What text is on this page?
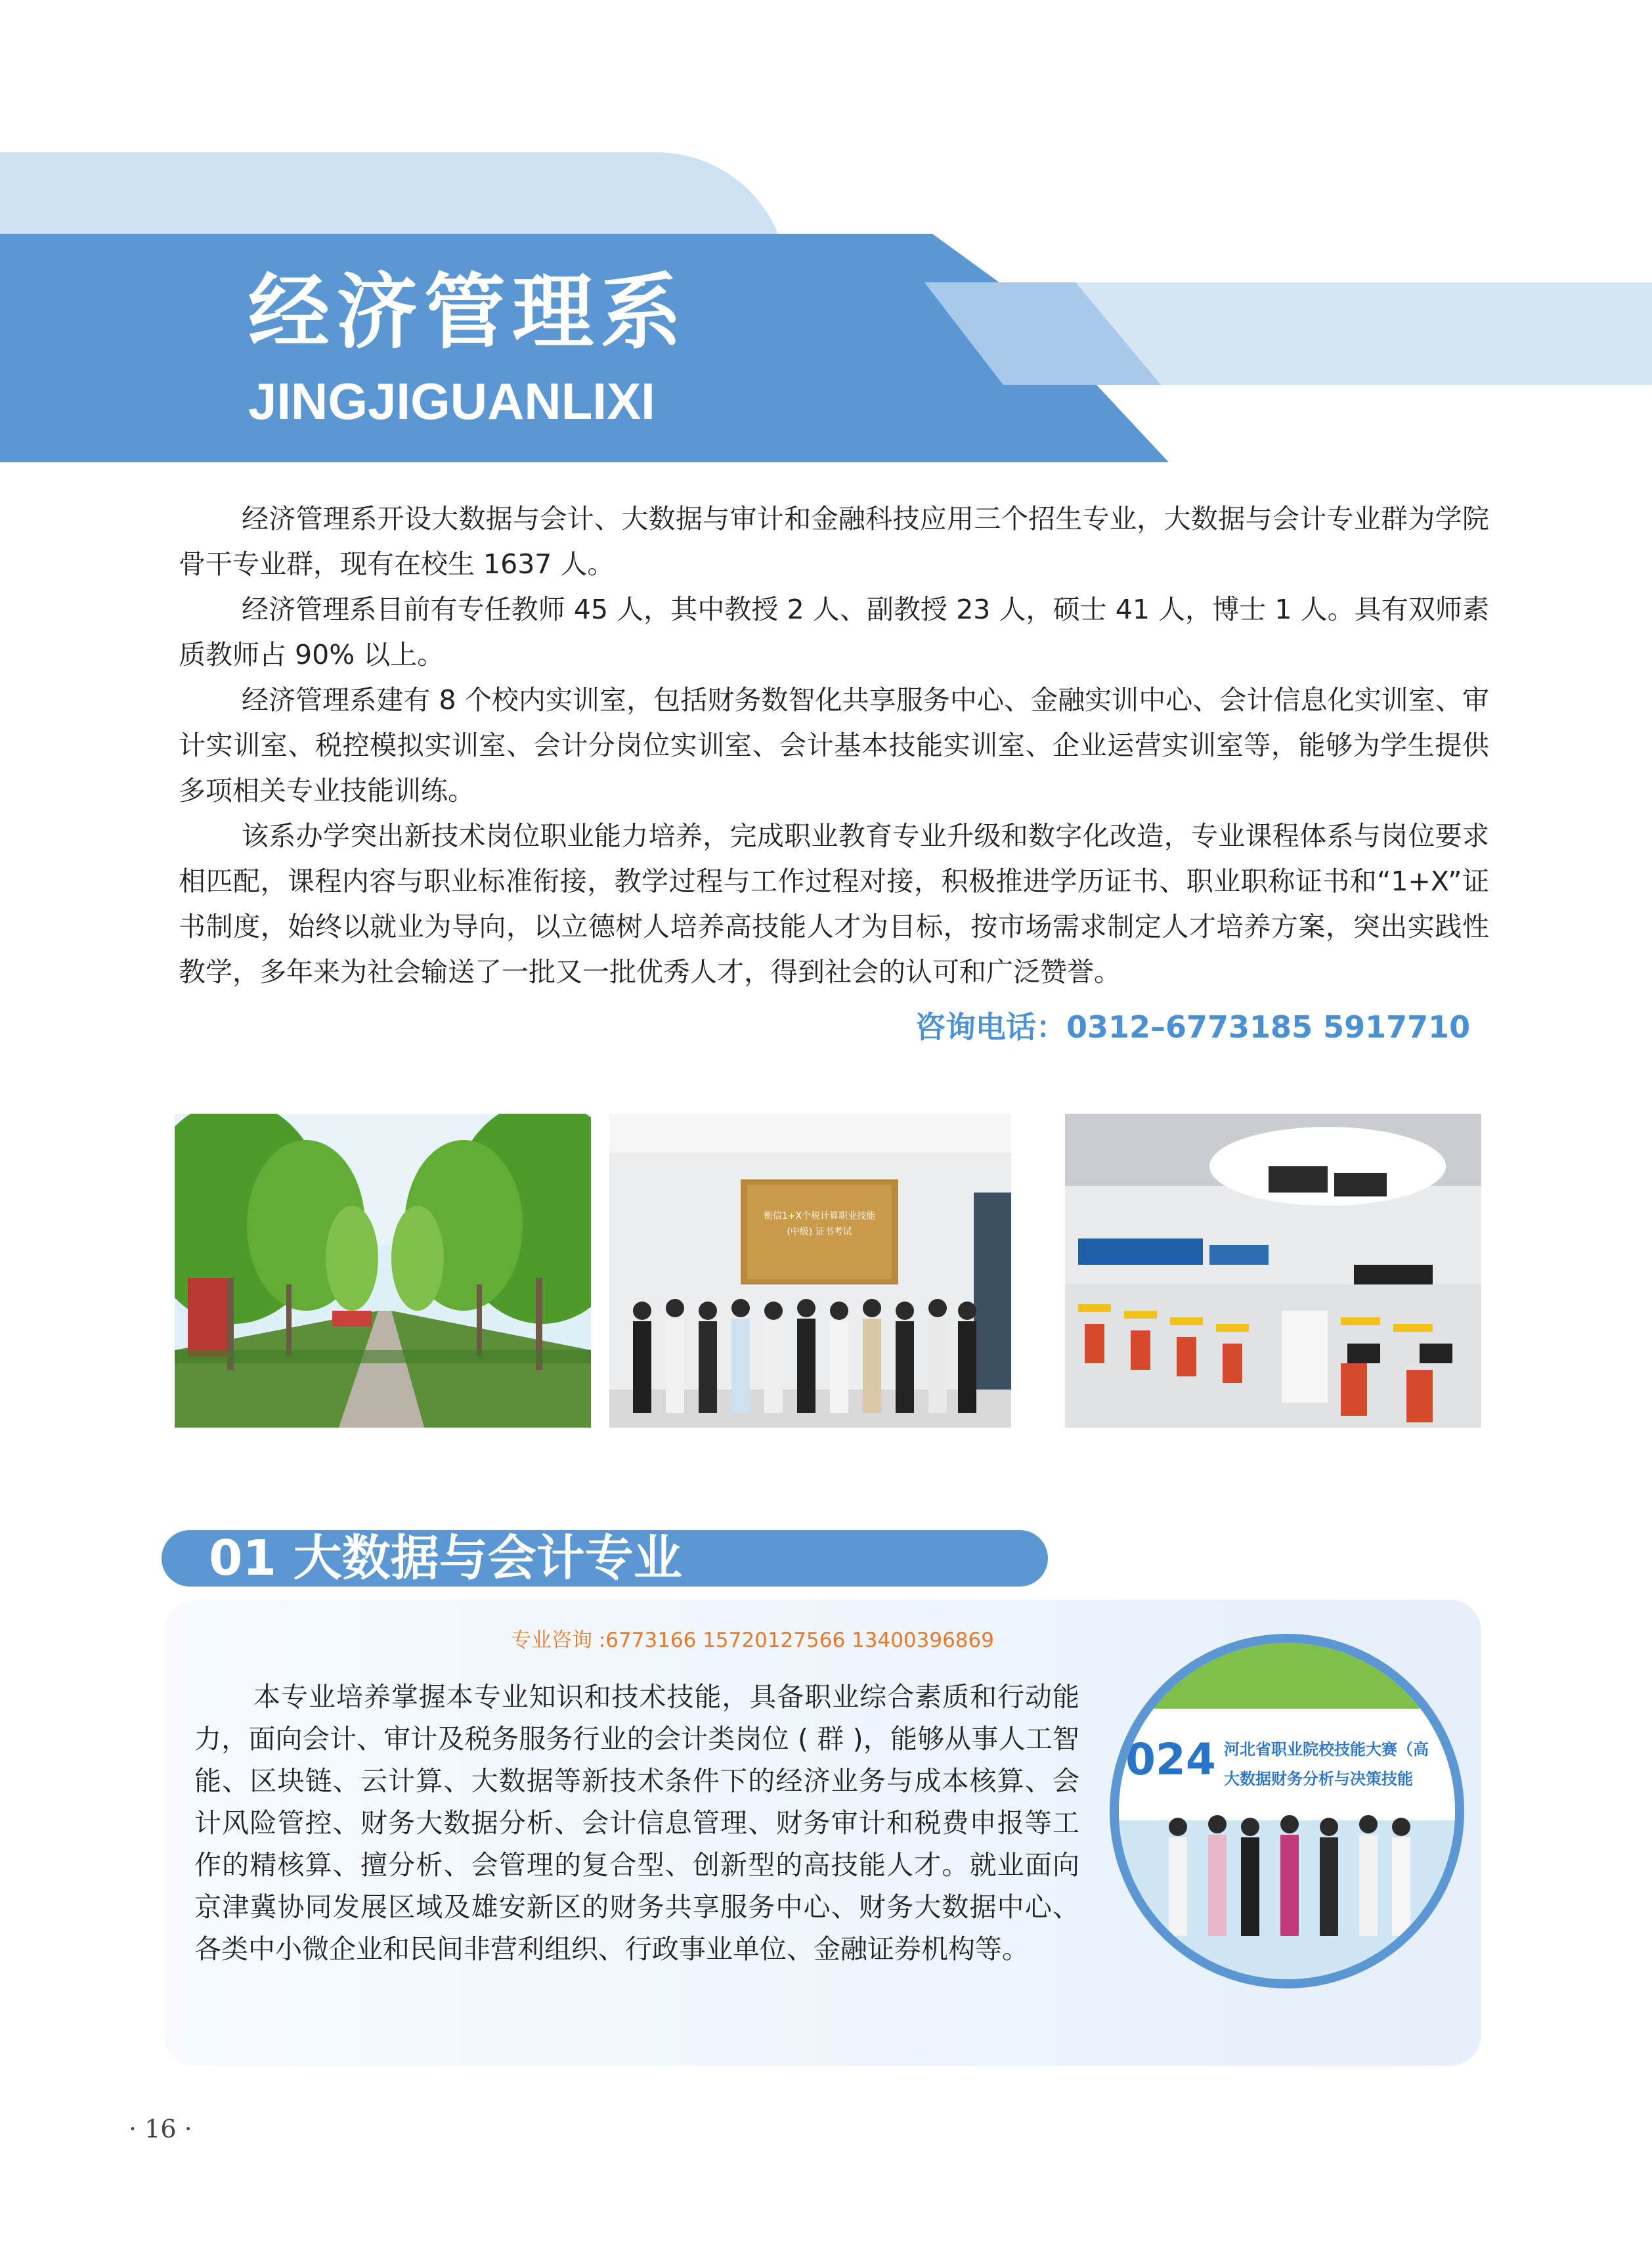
经济管理系
JINGJIGUANLIXI

经济管理系开设大数据与会计、大数据与审计和金融科技应用三个招生专业，大数据与会计专业群为学院骨干专业群，现有在校生 1637 人。

经济管理系目前有专任教师 45 人，其中教授 2 人、副教授 23 人，硕士 41 人，博士 1 人。具有双师素质教师占 90% 以上。

经济管理系建有 8 个校内实训室，包括财务数智化共享服务中心、金融实训中心、会计信息化实训室、审计实训室、税控模拟实训室、会计分岗位实训室、会计基本技能实训室、企业运营实训室等，能够为学生提供多项相关专业技能训练。

该系办学突出新技术岗位职业能力培养，完成职业教育专业升级和数字化改造，专业课程体系与岗位要求相匹配，课程内容与职业标准衔接，教学过程与工作过程对接，积极推进学历证书、职业职称证书和“1+X”证书制度，始终以就业为导向，以立德树人培养高技能人才为目标，按市场需求制定人才培养方案，突出实践性教学，多年来为社会输送了一批又一批优秀人才，得到社会的认可和广泛赞誉。

咨询电话：0312–6773185 5917710
衡信1+X个税计算职业技能
(中级) 证书考试
01 大数据与会计专业
专业咨询 :6773166 15720127566 13400396869

本专业培养掌握本专业知识和技术技能，具备职业综合素质和行动能力，面向会计、审计及税务服务行业的会计类岗位 ( 群 )，能够从事人工智能、区块链、云计算、大数据等新技术条件下的经济业务与成本核算、会计风险管控、财务大数据分析、会计信息管理、财务审计和税费申报等工作的精核算、擅分析、会管理的复合型、创新型的高技能人才。就业面向京津冀协同发展区域及雄安新区的财务共享服务中心、财务大数据中心、各类中小微企业和民间非营利组织、行政事业单位、金融证券机构等。

024 河北省职业院校技能大赛（高
大数据财务分析与决策技能
· 16 ·
